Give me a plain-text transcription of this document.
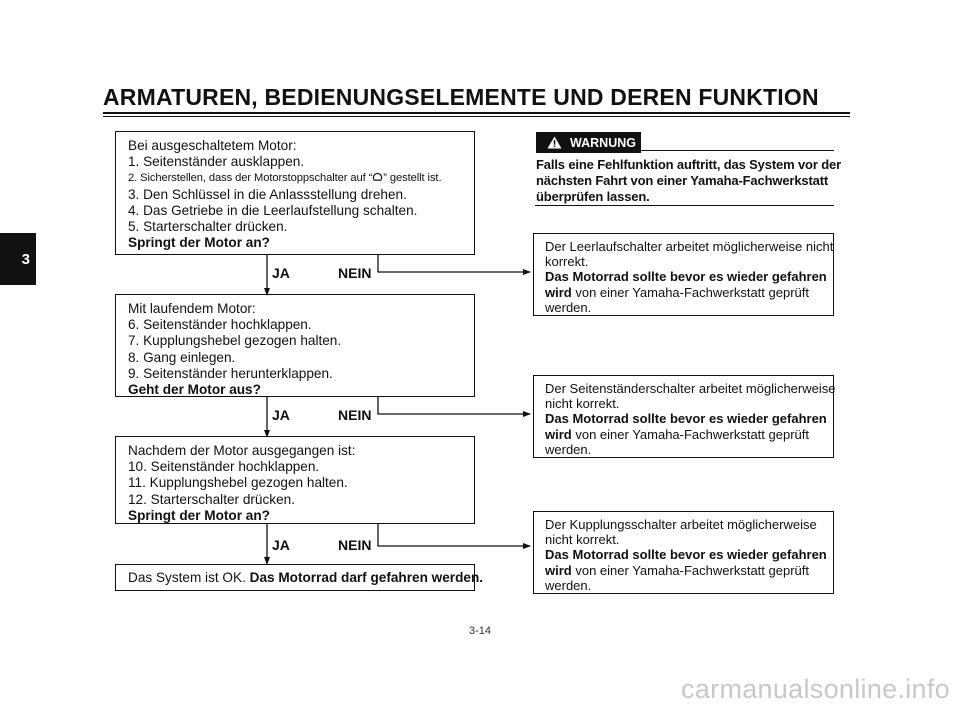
ARMATUREN, BEDIENUNGSELEMENTE UND DEREN FUNKTION
3
Bei ausgeschaltetem Motor:
1. Seitenständer ausklappen.
2. Sicherstellen, dass der Motorstoppschalter auf “ ” gestellt ist.
3. Den Schlüssel in die Anlassstellung drehen.
4. Das Getriebe in die Leerlaufstellung schalten.
5. Starterschalter drücken.
Springt der Motor an?
JA	NEIN
Mit laufendem Motor:
6. Seitenständer hochklappen.
7. Kupplungshebel gezogen halten.
8. Gang einlegen.
9. Seitenständer herunterklappen.
Geht der Motor aus?
JA	NEIN
Nachdem der Motor ausgegangen ist:
10. Seitenständer hochklappen.
11. Kupplungshebel gezogen halten.
12. Starterschalter drücken.
Springt der Motor an?
JA	NEIN
Das System ist OK. Das Motorrad darf gefahren werden.
WARNUNG
Falls eine Fehlfunktion auftritt, das System vor der
nächsten Fahrt von einer Yamaha-Fachwerkstatt
überprüfen lassen.
Der Leerlaufschalter arbeitet möglicherweise nicht
korrekt.
Das Motorrad sollte bevor es wieder gefahren
wird von einer Yamaha-Fachwerkstatt geprüft
werden.
Der Seitenständerschalter arbeitet möglicherweise
nicht korrekt.
Das Motorrad sollte bevor es wieder gefahren
wird von einer Yamaha-Fachwerkstatt geprüft
werden.
Der Kupplungsschalter arbeitet möglicherweise
nicht korrekt.
Das Motorrad sollte bevor es wieder gefahren
wird von einer Yamaha-Fachwerkstatt geprüft
werden.
3-14
carmanualsonline.info
